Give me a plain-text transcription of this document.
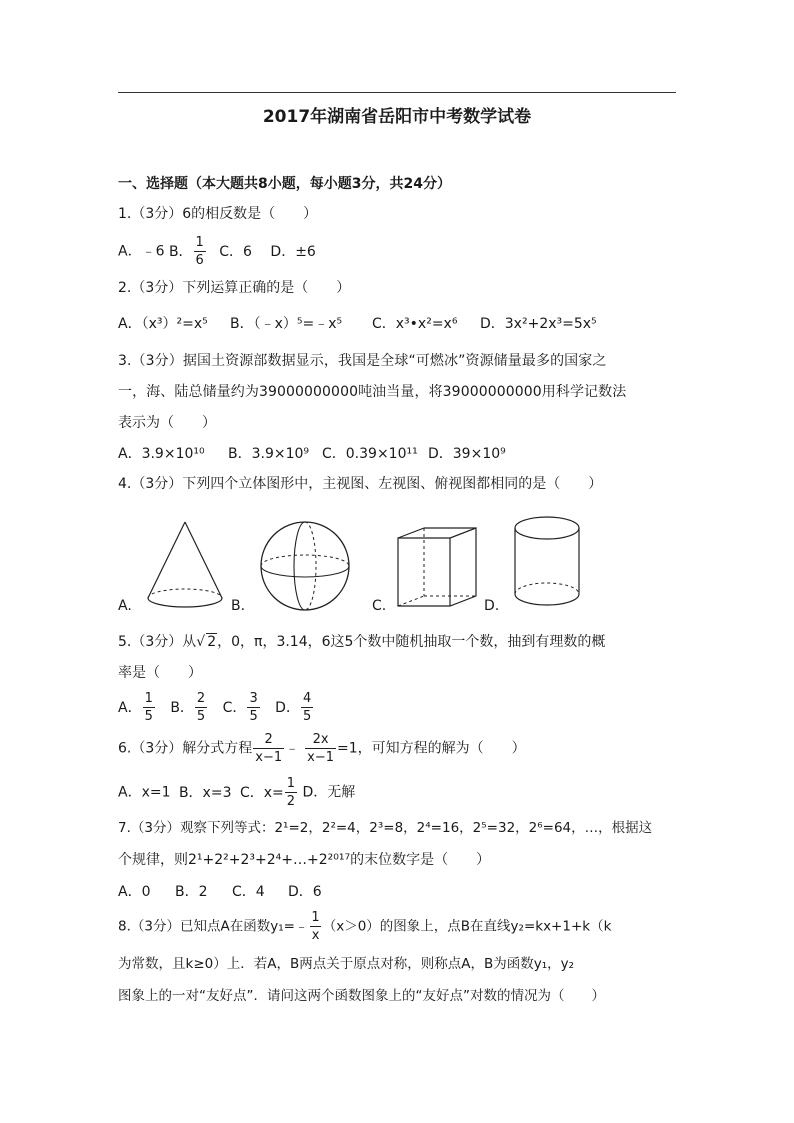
2017年湖南省岳阳市中考数学试卷
一、选择题（本大题共8小题，每小题3分，共24分）
1.（3分）6的相反数是（　　）
A．﹣6 B． $\frac{1}{6}$ C．6 D．±6
2.（3分）下列运算正确的是（　　）
A．（x³）²=x⁵ B．（﹣x）⁵=﹣x⁵ C．x³•x²=x⁶ D．3x²+2x³=5x⁵
3.（3分）据国土资源部数据显示，我国是全球“可燃冰”资源储量最多的国家之
一，海、陆总储量约为39000000000吨油当量，将39000000000用科学记数法
表示为（　　）
A．3.9×10¹⁰ B．3.9×10⁹ C．0.39×10¹¹ D．39×10⁹
4.（3分）下列四个立体图形中，主视图、左视图、俯视图都相同的是（　　）
A.	B.	C.	D.
5.（3分）从√ 2，0，π，3.14，6这5个数中随机抽取一个数，抽到有理数的概
率是（　　）
A． $\frac{1}{5}$ B． $\frac{2}{5}$ C． $\frac{3}{5}$ D． $\frac{4}{5}$
6.（3分）解分式方程 $\frac{2}{x-1}$ ﹣ $\frac{2x}{x-1} =1$，可知方程的解为（　　）
A．x=1 B．x=3 C．$x= \frac{1}{2}$ D．无解
7.（3分）观察下列等式：2¹=2，2²=4，2³=8，2⁴=16，2⁵=32，2⁶=64，…，根据这
个规律，则2¹+2²+2³+2⁴+…+2²⁰¹⁷的末位数字是（　　）
A．0 B．2 C．4 D．6
8.（3分）已知点A在函数y₁=﹣ $\frac{1}{x} (x>0)$的图象上，点B在直线y₂=kx+1+k（k
为常数，且k≥0）上．若A，B两点关于原点对称，则称点A，B为函数y₁，y₂
图象上的一对“友好点”．请问这两个函数图象上的“友好点”对数的情况为（　　）
